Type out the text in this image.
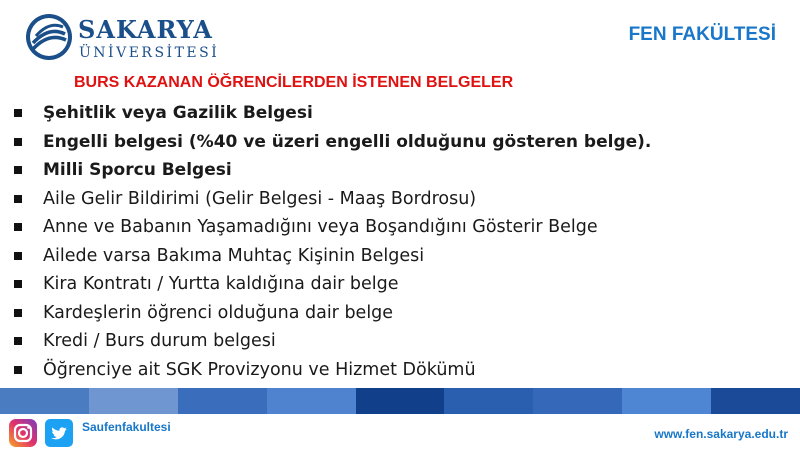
SAKARYA
ÜNİVERSİTESİ
FEN FAKÜLTESİ
BURS KAZANAN ÖĞRENCİLERDEN İSTENEN BELGELER
Şehitlik veya Gazilik Belgesi
Engelli belgesi (%40 ve üzeri engelli olduğunu gösteren belge).
Milli Sporcu Belgesi
Aile Gelir Bildirimi (Gelir Belgesi - Maaş Bordrosu)
Anne ve Babanın Yaşamadığını veya Boşandığını Gösterir Belge
Ailede varsa Bakıma Muhtaç Kişinin Belgesi
Kira Kontratı / Yurtta kaldığına dair belge
Kardeşlerin öğrenci olduğuna dair belge
Kredi / Burs durum belgesi
Öğrenciye ait SGK Provizyonu ve Hizmet Dökümü
Saufenfakultesi	www.fen.sakarya.edu.tr
